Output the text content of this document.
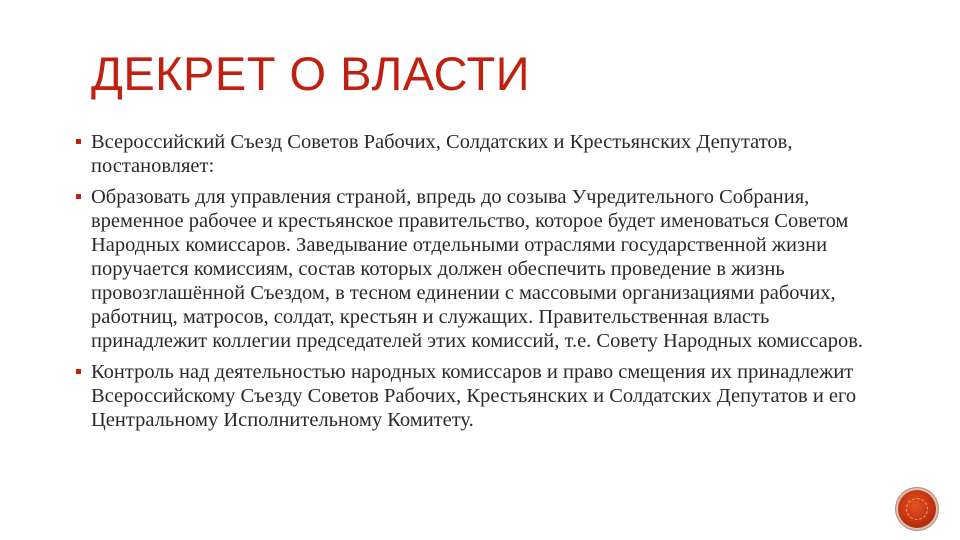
ДЕКРЕТ О ВЛАСТИ
Всероссийский Съезд Советов Рабочих, Солдатских и Крестьянских Депутатов, постановляет:
Образовать для управления страной, впредь до созыва Учредительного Собрания, временное рабочее и крестьянское правительство, которое будет именоваться Советом Народных комиссаров. Заведывание отдельными отраслями государственной жизни поручается комиссиям, состав которых должен обеспечить проведение в жизнь провозглашённой Съездом, в тесном единении с массовыми организациями рабочих, работниц, матросов, солдат, крестьян и служащих. Правительственная власть принадлежит коллегии председателей этих комиссий, т.е. Совету Народных комиссаров.
Контроль над деятельностью народных комиссаров и право смещения их принадлежит Всероссийскому Съезду Советов Рабочих, Крестьянских и Солдатских Депутатов и его Центральному Исполнительному Комитету.
